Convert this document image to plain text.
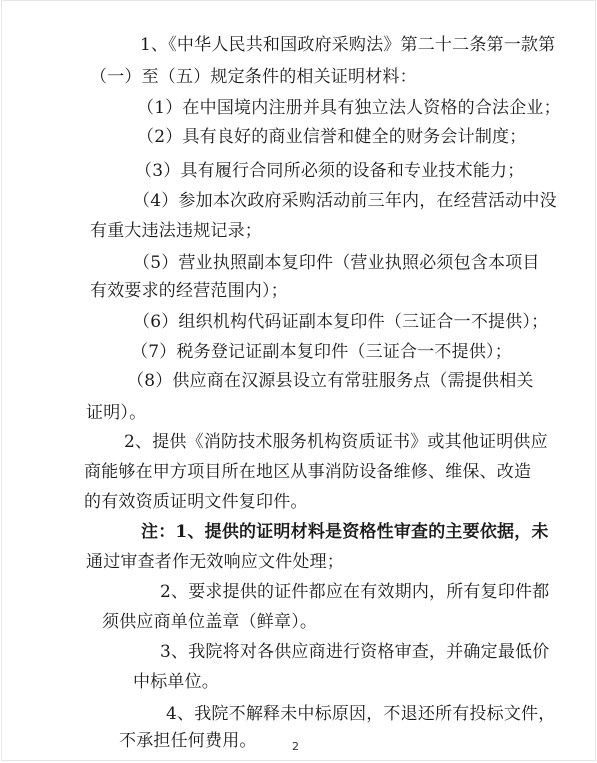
1、《中华人民共和国政府采购法》第二十二条第一款第
（一）至（五）规定条件的相关证明材料：
（1）在中国境内注册并具有独立法人资格的合法企业；
（2）具有良好的商业信誉和健全的财务会计制度；
（3）具有履行合同所必须的设备和专业技术能力；
（4）参加本次政府采购活动前三年内，在经营活动中没
有重大违法违规记录；
（5）营业执照副本复印件（营业执照必须包含本项目
有效要求的经营范围内）；
（6）组织机构代码证副本复印件（三证合一不提供）；
（7）税务登记证副本复印件（三证合一不提供）；
（8）供应商在汉源县设立有常驻服务点（需提供相关
证明）。
2、提供《消防技术服务机构资质证书》或其他证明供应
商能够在甲方项目所在地区从事消防设备维修、维保、改造
的有效资质证明文件复印件。
注：1、提供的证明材料是资格性审查的主要依据，未
通过审查者作无效响应文件处理；
2、要求提供的证件都应在有效期内，所有复印件都
须供应商单位盖章（鲜章）。
3、我院将对各供应商进行资格审查，并确定最低价
中标单位。
4、我院不解释未中标原因，不退还所有投标文件，
不承担任何费用。	2
